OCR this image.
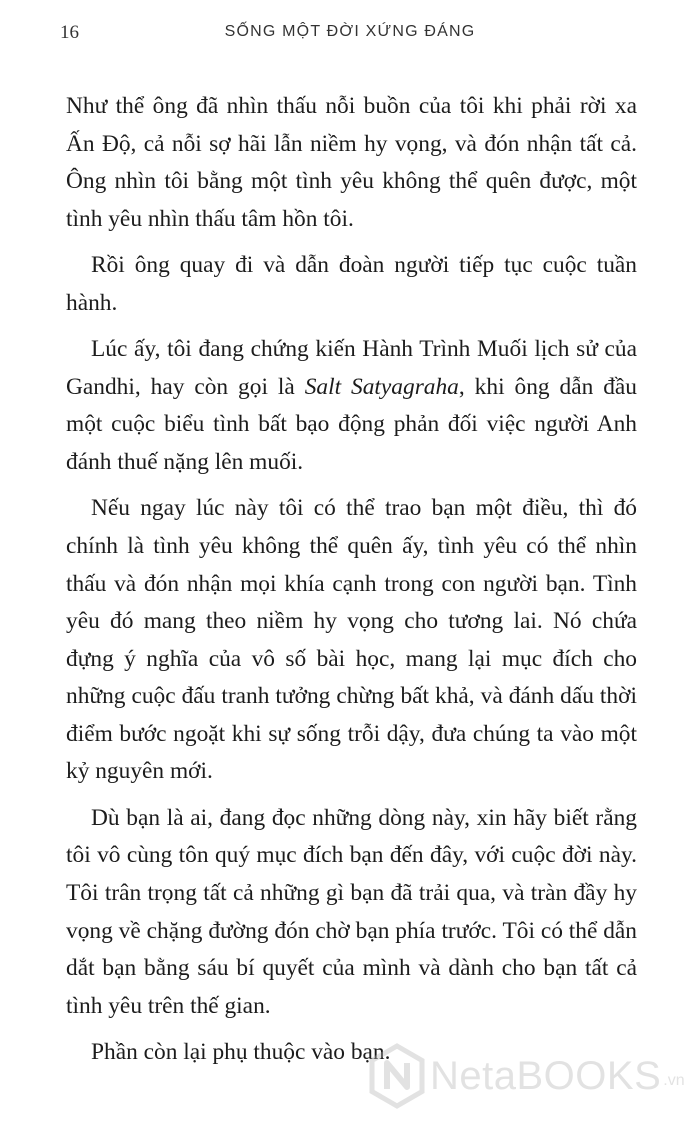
16	SỐNG MỘT ĐỜI XỨNG ĐÁNG

Như thể ông đã nhìn thấu nỗi buồn của tôi khi phải rời xa Ấn Độ, cả nỗi sợ hãi lẫn niềm hy vọng, và đón nhận tất cả. Ông nhìn tôi bằng một tình yêu không thể quên được, một tình yêu nhìn thấu tâm hồn tôi.

Rồi ông quay đi và dẫn đoàn người tiếp tục cuộc tuần hành.

Lúc ấy, tôi đang chứng kiến Hành Trình Muối lịch sử của Gandhi, hay còn gọi là Salt Satyagraha, khi ông dẫn đầu một cuộc biểu tình bất bạo động phản đối việc người Anh đánh thuế nặng lên muối.

Nếu ngay lúc này tôi có thể trao bạn một điều, thì đó chính là tình yêu không thể quên ấy, tình yêu có thể nhìn thấu và đón nhận mọi khía cạnh trong con người bạn. Tình yêu đó mang theo niềm hy vọng cho tương lai. Nó chứa đựng ý nghĩa của vô số bài học, mang lại mục đích cho những cuộc đấu tranh tưởng chừng bất khả, và đánh dấu thời điểm bước ngoặt khi sự sống trỗi dậy, đưa chúng ta vào một kỷ nguyên mới.

Dù bạn là ai, đang đọc những dòng này, xin hãy biết rằng tôi vô cùng tôn quý mục đích bạn đến đây, với cuộc đời này. Tôi trân trọng tất cả những gì bạn đã trải qua, và tràn đầy hy vọng về chặng đường đón chờ bạn phía trước. Tôi có thể dẫn dắt bạn bằng sáu bí quyết của mình và dành cho bạn tất cả tình yêu trên thế gian.

Phần còn lại phụ thuộc vào bạn.

NetaBOOKS .vn
